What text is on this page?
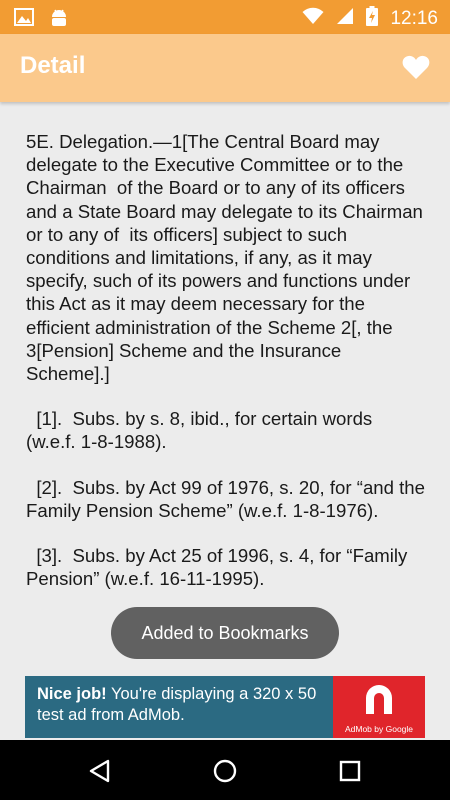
12:16
Detail

5E. Delegation.—1[The Central Board may delegate to the Executive Committee or to the Chairman  of the Board or to any of its officers and a State Board may delegate to its Chairman or to any of  its officers] subject to such conditions and limitations, if any, as it may specify, such of its powers and functions under this Act as it may deem necessary for the efficient administration of the Scheme 2[, the 3[Pension] Scheme and the Insurance Scheme].]

[1].  Subs. by s. 8, ibid., for certain words (w.e.f. 1-8-1988).

[2].  Subs. by Act 99 of 1976, s. 20, for “and the Family Pension Scheme” (w.e.f. 1-8-1976).

[3].  Subs. by Act 25 of 1996, s. 4, for “Family Pension” (w.e.f. 16-11-1995).

Added to Bookmarks
Nice job! You're displaying a 320 x 50 test ad from AdMob.
AdMob by Google
